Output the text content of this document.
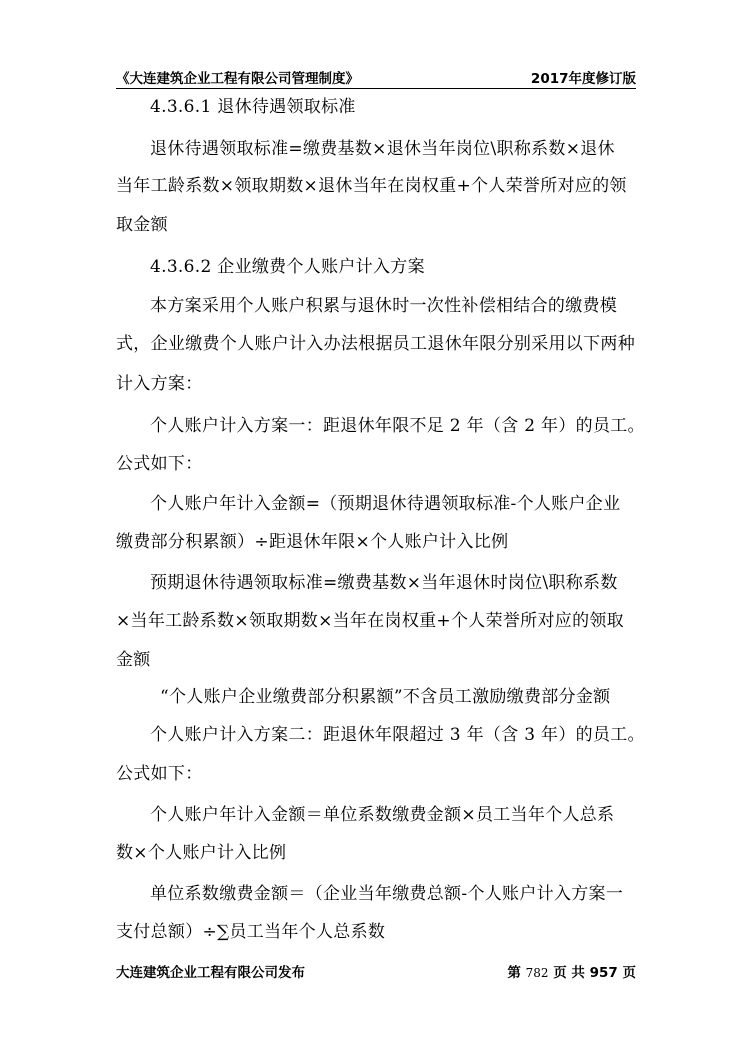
《大连建筑企业工程有限公司管理制度》	2017年度修订版
4.3.6.1 退休待遇领取标准
退休待遇领取标准=缴费基数×退休当年岗位\职称系数×退休
当年工龄系数×领取期数×退休当年在岗权重+个人荣誉所对应的领
取金额
4.3.6.2 企业缴费个人账户计入方案
本方案采用个人账户积累与退休时一次性补偿相结合的缴费模
式，企业缴费个人账户计入办法根据员工退休年限分别采用以下两种
计入方案：
个人账户计入方案一：距退休年限不足 2 年（含 2 年）的员工。
公式如下：
个人账户年计入金额=（预期退休待遇领取标准-个人账户企业
缴费部分积累额）÷距退休年限×个人账户计入比例
预期退休待遇领取标准=缴费基数×当年退休时岗位\职称系数
×当年工龄系数×领取期数×当年在岗权重+个人荣誉所对应的领取
金额
“个人账户企业缴费部分积累额”不含员工激励缴费部分金额
个人账户计入方案二：距退休年限超过 3 年（含 3 年）的员工。
公式如下：
个人账户年计入金额＝单位系数缴费金额×员工当年个人总系
数×个人账户计入比例
单位系数缴费金额＝（企业当年缴费总额-个人账户计入方案一
支付总额）÷∑员工当年个人总系数
大连建筑企业工程有限公司发布	第 782 页 共 957 页
